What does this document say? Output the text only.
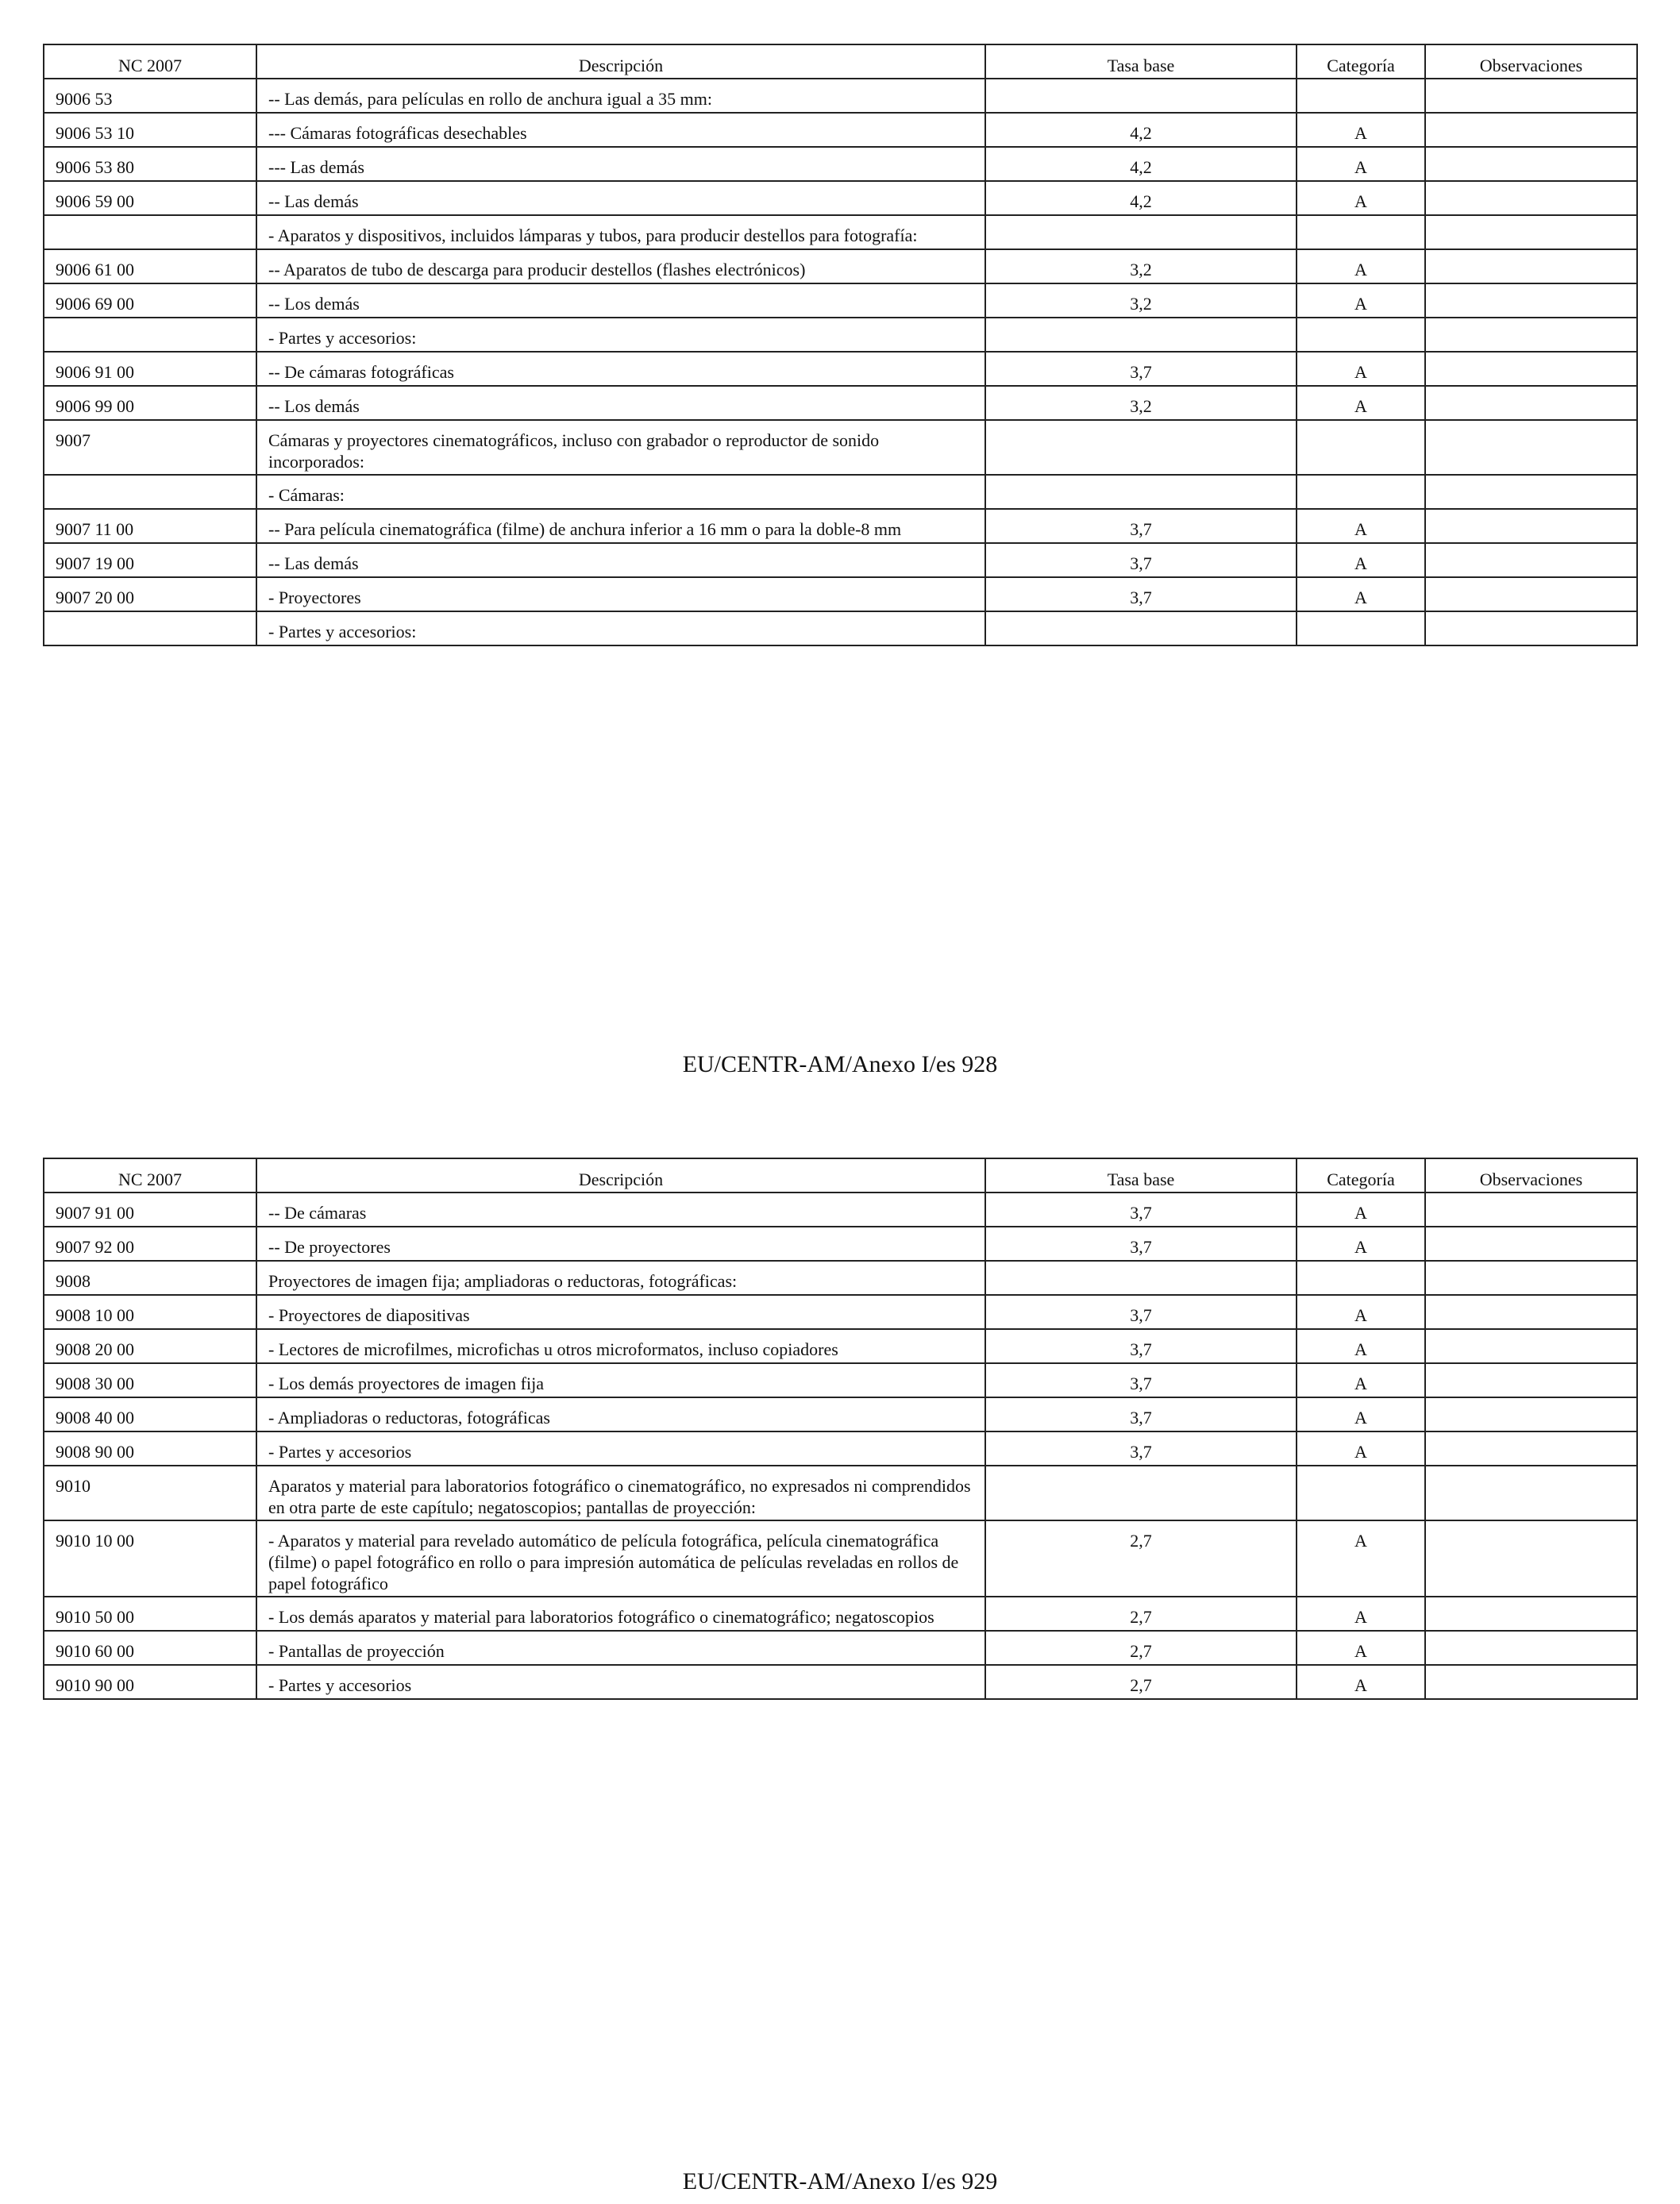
NC 2007	Descripción	Tasa base	Categoría	Observaciones
9006 53	-- Las demás, para películas en rollo de anchura igual a 35 mm:			
9006 53 10	--- Cámaras fotográficas desechables	4,2	A	
9006 53 80	--- Las demás	4,2	A	
9006 59 00	-- Las demás	4,2	A	
	- Aparatos y dispositivos, incluidos lámparas y tubos, para producir destellos para fotografía:			
9006 61 00	-- Aparatos de tubo de descarga para producir destellos (flashes electrónicos)	3,2	A	
9006 69 00	-- Los demás	3,2	A	
	- Partes y accesorios:			
9006 91 00	-- De cámaras fotográficas	3,7	A	
9006 99 00	-- Los demás	3,2	A	
9007	Cámaras y proyectores cinematográficos, incluso con grabador o reproductor de sonido incorporados:			
	- Cámaras:			
9007 11 00	-- Para película cinematográfica (filme) de anchura inferior a 16 mm o para la doble-8 mm	3,7	A	
9007 19 00	-- Las demás	3,7	A	
9007 20 00	- Proyectores	3,7	A	
	- Partes y accesorios:			
EU/CENTR-AM/Anexo I/es 928
NC 2007	Descripción	Tasa base	Categoría	Observaciones
9007 91 00	-- De cámaras	3,7	A	
9007 92 00	-- De proyectores	3,7	A	
9008	Proyectores de imagen fija; ampliadoras o reductoras, fotográficas:			
9008 10 00	- Proyectores de diapositivas	3,7	A	
9008 20 00	- Lectores de microfilmes, microfichas u otros microformatos, incluso copiadores	3,7	A	
9008 30 00	- Los demás proyectores de imagen fija	3,7	A	
9008 40 00	- Ampliadoras o reductoras, fotográficas	3,7	A	
9008 90 00	- Partes y accesorios	3,7	A	
9010	Aparatos y material para laboratorios fotográfico o cinematográfico, no expresados ni comprendidos en otra parte de este capítulo; negatoscopios; pantallas de proyección:			
9010 10 00	- Aparatos y material para revelado automático de película fotográfica, película cinematográfica (filme) o papel fotográfico en rollo o para impresión automática de películas reveladas en rollos de papel fotográfico	2,7	A	
9010 50 00	- Los demás aparatos y material para laboratorios fotográfico o cinematográfico; negatoscopios	2,7	A	
9010 60 00	- Pantallas de proyección	2,7	A	
9010 90 00	- Partes y accesorios	2,7	A	
EU/CENTR-AM/Anexo I/es 929
